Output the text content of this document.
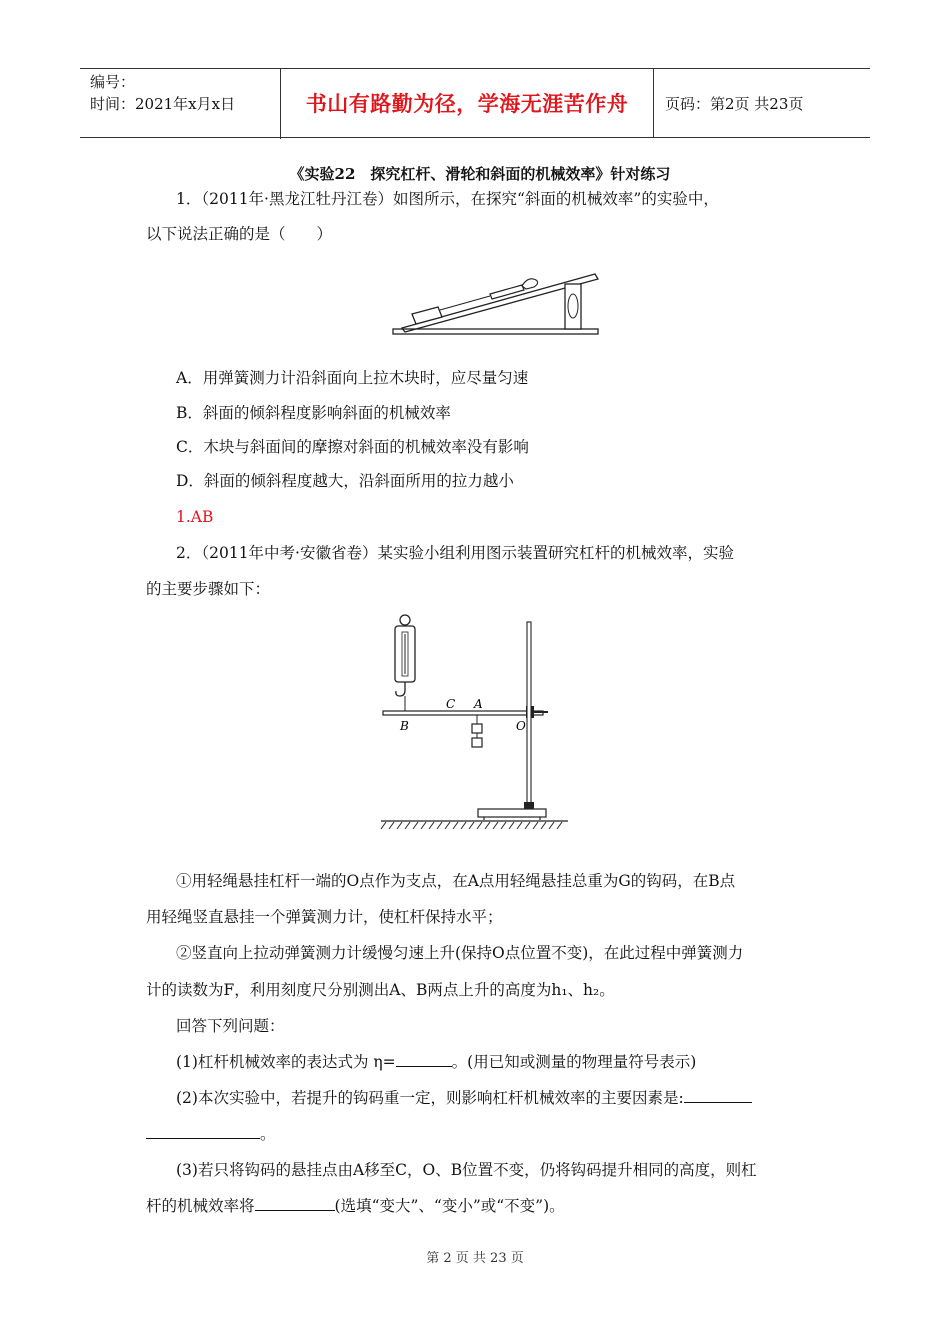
编号：
时间：2021年x月x日	书山有路勤为径，学海无涯苦作舟	页码：第2页 共23页
《实验22　探究杠杆、滑轮和斜面的机械效率》针对练习
1．（2011年·黑龙江牡丹江卷）如图所示，在探究“斜面的机械效率”的实验中，
以下说法正确的是（　　）
A．用弹簧测力计沿斜面向上拉木块时，应尽量匀速
B．斜面的倾斜程度影响斜面的机械效率
C．木块与斜面间的摩擦对斜面的机械效率没有影响
D．斜面的倾斜程度越大，沿斜面所用的拉力越小
1.AB
2．（2011年中考·安徽省卷）某实验小组利用图示装置研究杠杆的机械效率，实验
的主要步骤如下：
B
C A
O
①用轻绳悬挂杠杆一端的O点作为支点，在A点用轻绳悬挂总重为G的钩码，在B点
用轻绳竖直悬挂一个弹簧测力计，使杠杆保持水平；
②竖直向上拉动弹簧测力计缓慢匀速上升(保持O点位置不变)，在此过程中弹簧测力
计的读数为F，利用刻度尺分别测出A、B两点上升的高度为h₁、h₂。
回答下列问题：
(1)杠杆机械效率的表达式为 η=	。(用已知或测量的物理量符号表示)
(2)本次实验中，若提升的钩码重一定，则影响杠杆机械效率的主要因素是:
。
(3)若只将钩码的悬挂点由A移至C，O、B位置不变，仍将钩码提升相同的高度，则杠
杆的机械效率将	(选填“变大”、“变小”或“不变”)。
第 2 页 共 23 页
